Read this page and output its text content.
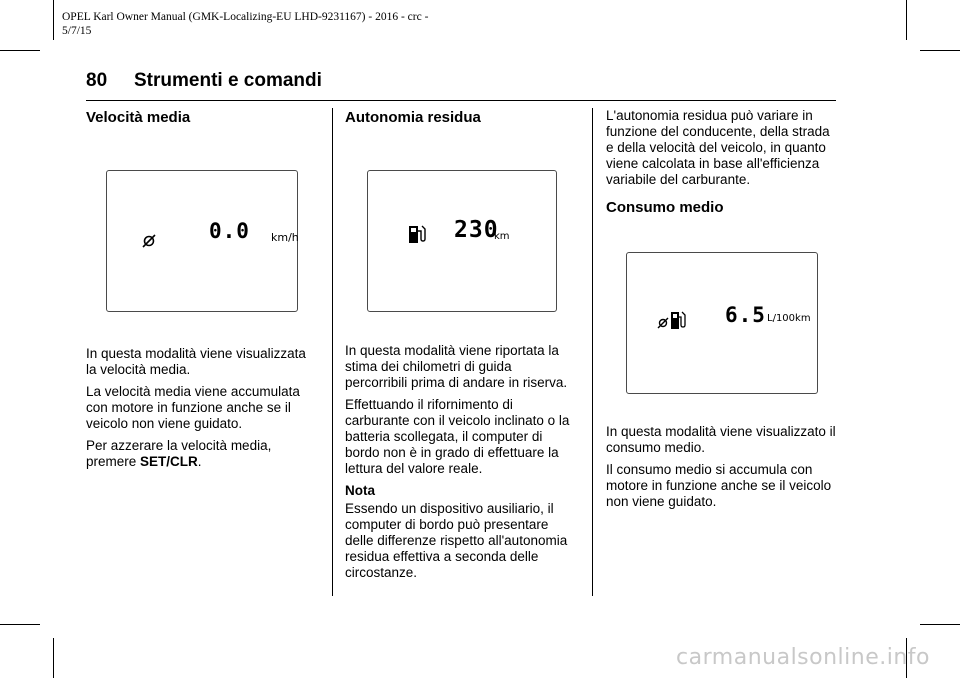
OPEL Karl Owner Manual (GMK-Localizing-EU LHD-9231167) - 2016 - crc -
5/7/15
80 Strumenti e comandi
Velocità media
0.0 km/h

In questa modalità viene visualizzata la velocità media.

La velocità media viene accumulata con motore in funzione anche se il veicolo non viene guidato.

Per azzerare la velocità media, premere SET/CLR.

Autonomia residua
230
km

In questa modalità viene riportata la stima dei chilometri di guida percorribili prima di andare in riserva.

Effettuando il rifornimento di carburante con il veicolo inclinato o la batteria scollegata, il computer di bordo non è in grado di effettuare la lettura del valore reale.

Nota

Essendo un dispositivo ausiliario, il computer di bordo può presentare delle differenze rispetto all'autonomia residua effettiva a seconda delle circostanze.

L'autonomia residua può variare in funzione del conducente, della strada e della velocità del veicolo, in quanto viene calcolata in base all'efficienza variabile del carburante.

Consumo medio
6.5 L/100km

In questa modalità viene visualizzato il consumo medio.

Il consumo medio si accumula con motore in funzione anche se il veicolo non viene guidato.

carmanualsonline.info
